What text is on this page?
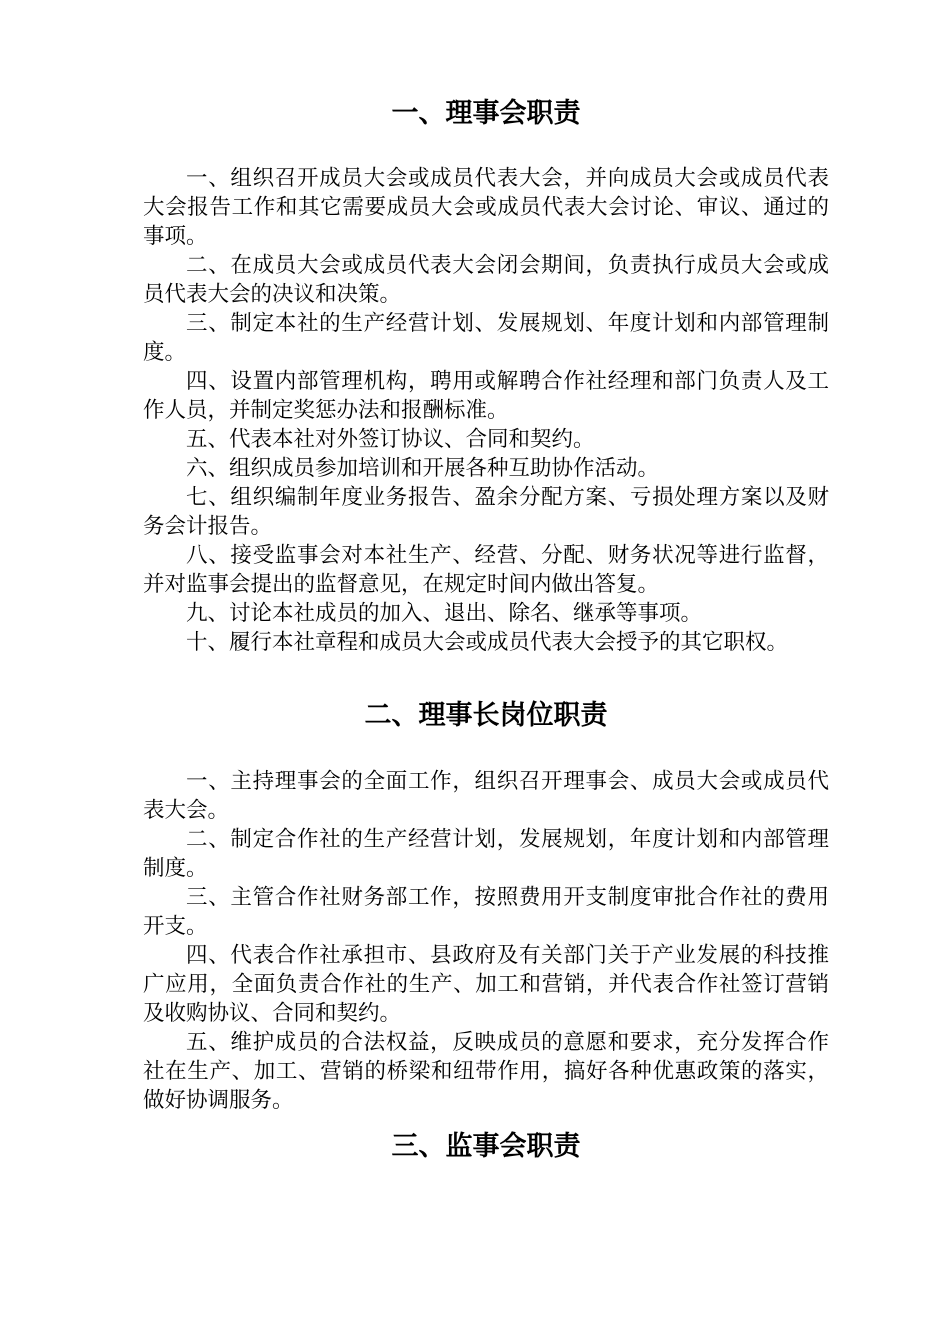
一、理事会职责

一、组织召开成员大会或成员代表大会，并向成员大会或成员代表大会报告工作和其它需要成员大会或成员代表大会讨论、审议、通过的事项。

二、在成员大会或成员代表大会闭会期间，负责执行成员大会或成员代表大会的决议和决策。

三、制定本社的生产经营计划、发展规划、年度计划和内部管理制度。

四、设置内部管理机构，聘用或解聘合作社经理和部门负责人及工作人员，并制定奖惩办法和报酬标准。

五、代表本社对外签订协议、合同和契约。

六、组织成员参加培训和开展各种互助协作活动。

七、组织编制年度业务报告、盈余分配方案、亏损处理方案以及财务会计报告。

八、接受监事会对本社生产、经营、分配、财务状况等进行监督，并对监事会提出的监督意见，在规定时间内做出答复。

九、讨论本社成员的加入、退出、除名、继承等事项。

十、履行本社章程和成员大会或成员代表大会授予的其它职权。

二、理事长岗位职责

一、主持理事会的全面工作，组织召开理事会、成员大会或成员代表大会。

二、制定合作社的生产经营计划，发展规划，年度计划和内部管理制度。

三、主管合作社财务部工作，按照费用开支制度审批合作社的费用开支。

四、代表合作社承担市、县政府及有关部门关于产业发展的科技推广应用，全面负责合作社的生产、加工和营销，并代表合作社签订营销及收购协议、合同和契约。

五、维护成员的合法权益，反映成员的意愿和要求，充分发挥合作社在生产、加工、营销的桥梁和纽带作用，搞好各种优惠政策的落实，做好协调服务。

三、监事会职责
